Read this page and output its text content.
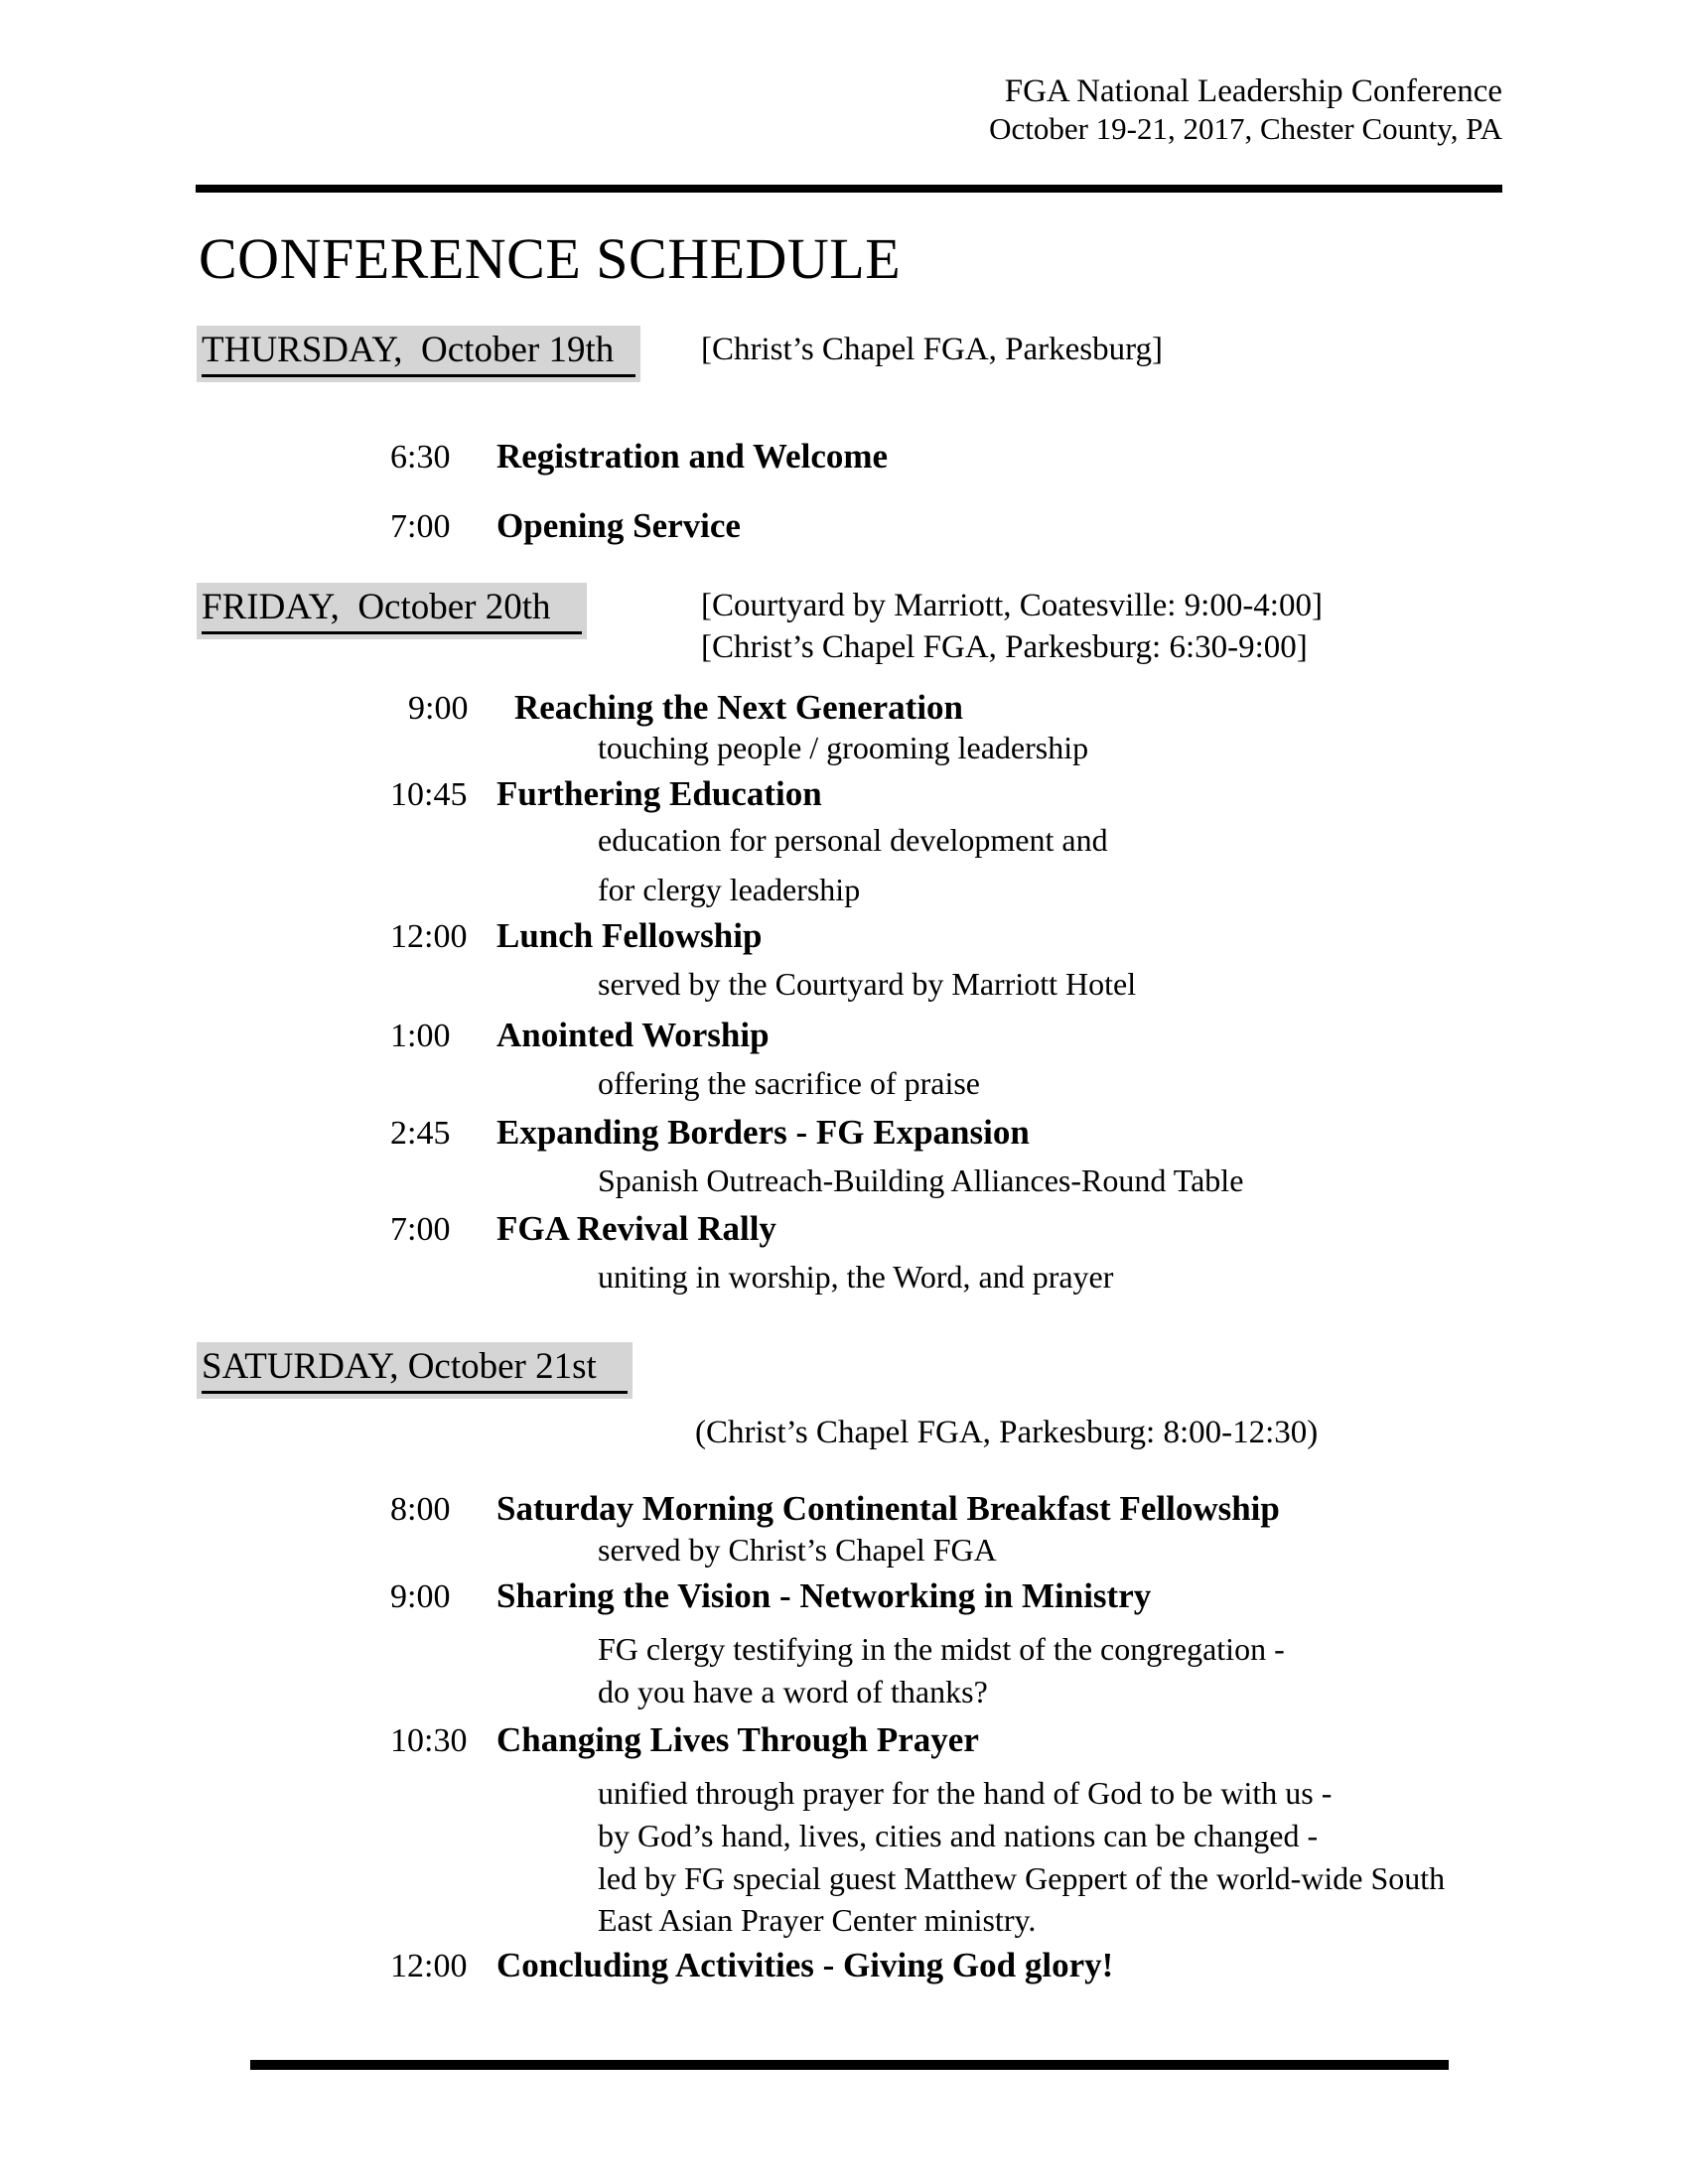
FGA National Leadership Conference
October 19-21, 2017, Chester County, PA
CONFERENCE SCHEDULE
THURSDAY,  October 19th	[Christ’s Chapel FGA, Parkesburg]
6:30	Registration and Welcome
7:00	Opening Service
FRIDAY,  October 20th	[Courtyard by Marriott, Coatesville: 9:00-4:00]
[Christ’s Chapel FGA, Parkesburg: 6:30-9:00]
9:00	Reaching the Next Generation
touching people / grooming leadership
10:45 Furthering Education
education for personal development and
for clergy leadership
12:00 Lunch Fellowship
served by the Courtyard by Marriott Hotel
1:00	Anointed Worship
offering the sacrifice of praise
2:45	Expanding Borders - FG Expansion
Spanish Outreach-Building Alliances-Round Table
7:00	FGA Revival Rally
uniting in worship, the Word, and prayer
SATURDAY, October 21st
(Christ’s Chapel FGA, Parkesburg: 8:00-12:30)
8:00	Saturday Morning Continental Breakfast Fellowship
served by Christ’s Chapel FGA
9:00	Sharing the Vision - Networking in Ministry
FG clergy testifying in the midst of the congregation -
do you have a word of thanks?
10:30 Changing Lives Through Prayer
unified through prayer for the hand of God to be with us -
by God’s hand, lives, cities and nations can be changed -
led by FG special guest Matthew Geppert of the world-wide South
East Asian Prayer Center ministry.
12:00 Concluding Activities - Giving God glory!
